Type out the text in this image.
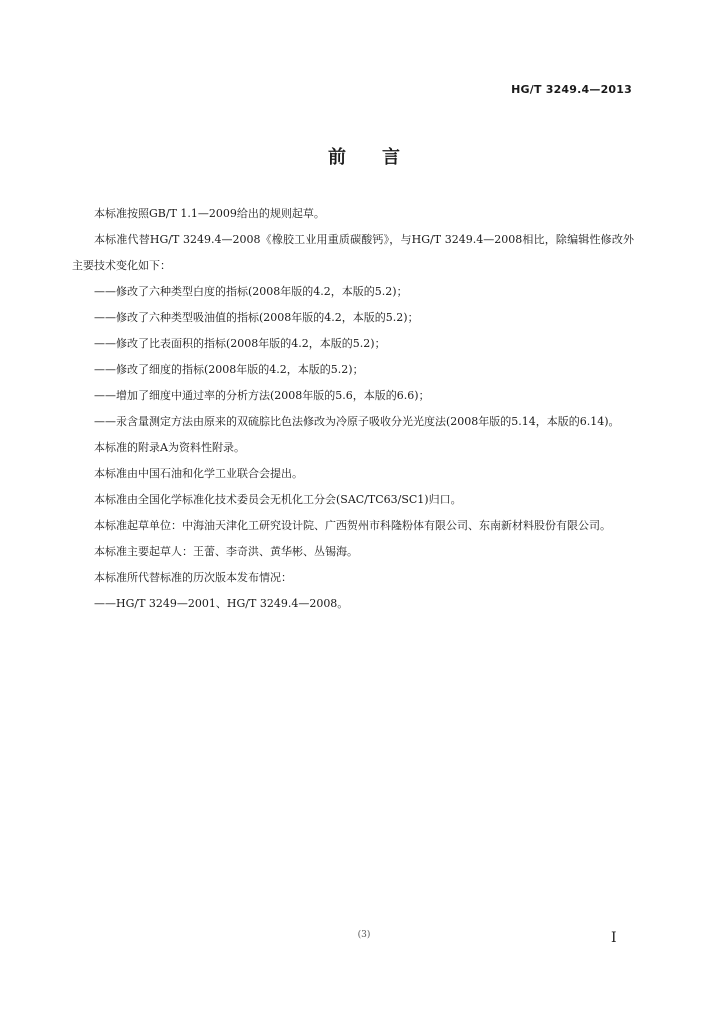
HG/T 3249.4—2013
前言

本标准按照GB/T 1.1—2009给出的规则起草。

本标准代替HG/T 3249.4—2008《橡胶工业用重质碳酸钙》，与HG/T 3249.4—2008相比，除编辑性修改外主要技术变化如下：

——修改了六种类型白度的指标(2008年版的4.2，本版的5.2)；

——修改了六种类型吸油值的指标(2008年版的4.2，本版的5.2)；

——修改了比表面积的指标(2008年版的4.2，本版的5.2)；

——修改了细度的指标(2008年版的4.2，本版的5.2)；

——增加了细度中通过率的分析方法(2008年版的5.6，本版的6.6)；

——汞含量测定方法由原来的双硫腙比色法修改为冷原子吸收分光光度法(2008年版的5.14，本版的6.14)。

本标准的附录A为资料性附录。

本标准由中国石油和化学工业联合会提出。

本标准由全国化学标准化技术委员会无机化工分会(SAC/TC63/SC1)归口。

本标准起草单位：中海油天津化工研究设计院、广西贺州市科隆粉体有限公司、东南新材料股份有限公司。

本标准主要起草人：王蕾、李奇洪、黄华彬、丛锡海。

本标准所代替标准的历次版本发布情况：

——HG/T 3249—2001、HG/T 3249.4—2008。

(3)	I
